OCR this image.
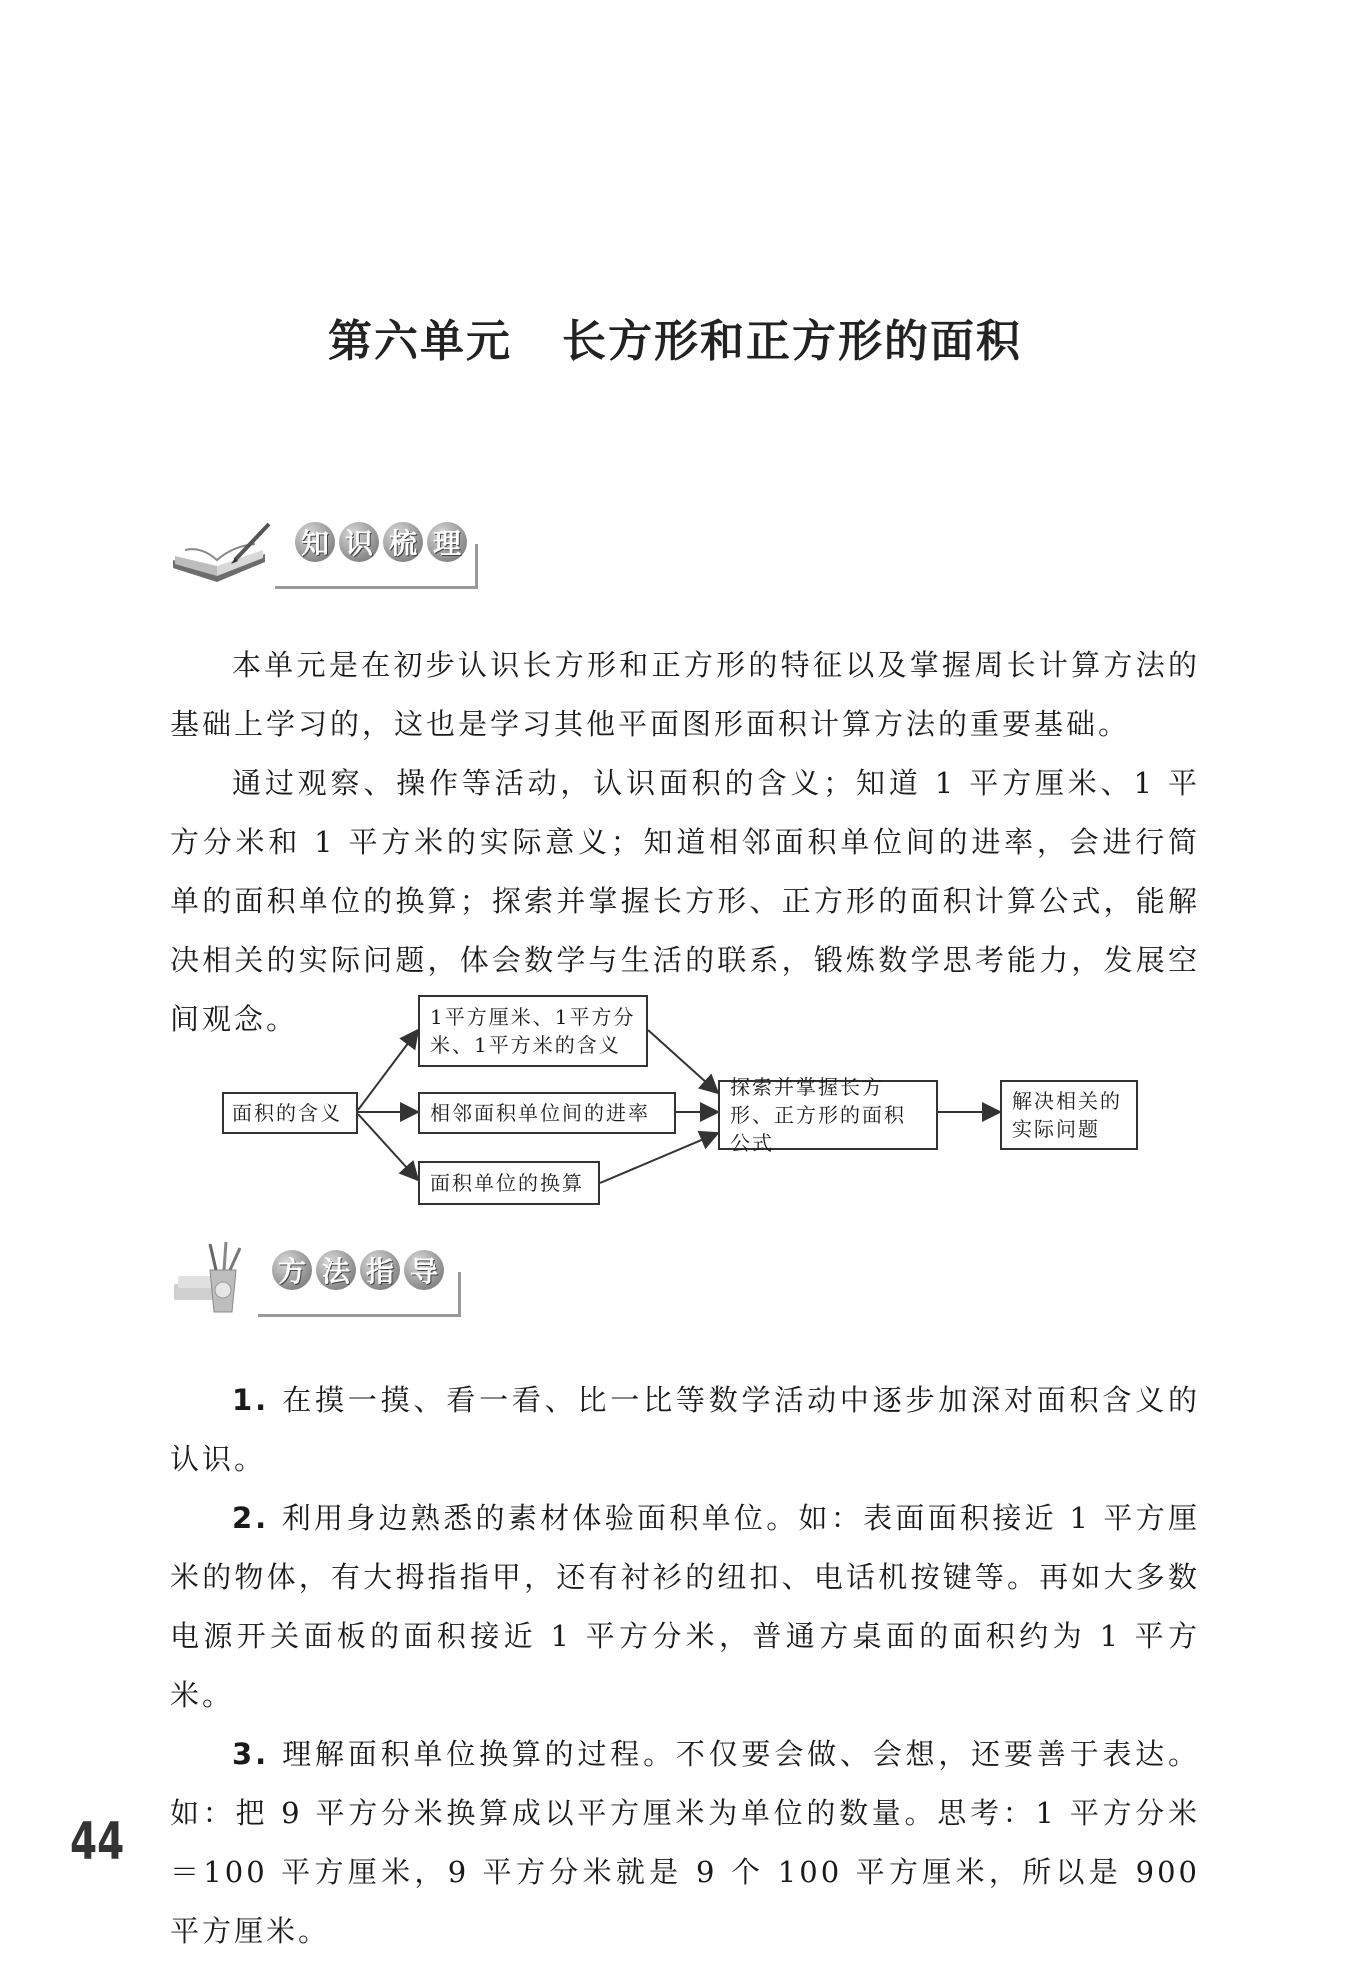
第六单元 长方形和正方形的面积
知 识 梳 理

本单元是在初步认识长方形和正方形的特征以及掌握周长计算方法的基础上学习的，这也是学习其他平面图形面积计算方法的重要基础。

通过观察、操作等活动，认识面积的含义；知道 1 平方厘米、1 平方分米和 1 平方米的实际意义；知道相邻面积单位间的进率，会进行简单的面积单位的换算；探索并掌握长方形、正方形的面积计算公式，能解决相关的实际问题，体会数学与生活的联系，锻炼数学思考能力，发展空间观念。

面积的含义
1平方厘米、1平方分米、1平方米的含义
相邻面积单位间的进率
面积单位的换算
探索并掌握长方形、正方形的面积公式
解决相关的实际问题
方 法 指 导

1. 在摸一摸、看一看、比一比等数学活动中逐步加深对面积含义的认识。

2. 利用身边熟悉的素材体验面积单位。如：表面面积接近 1 平方厘米的物体，有大拇指指甲，还有衬衫的纽扣、电话机按键等。再如大多数电源开关面板的面积接近 1 平方分米，普通方桌面的面积约为 1 平方米。

3. 理解面积单位换算的过程。不仅要会做、会想，还要善于表达。如：把 9 平方分米换算成以平方厘米为单位的数量。思考：1 平方分米＝100 平方厘米，9 平方分米就是 9 个 100 平方厘米，所以是 900 平方厘米。

44
